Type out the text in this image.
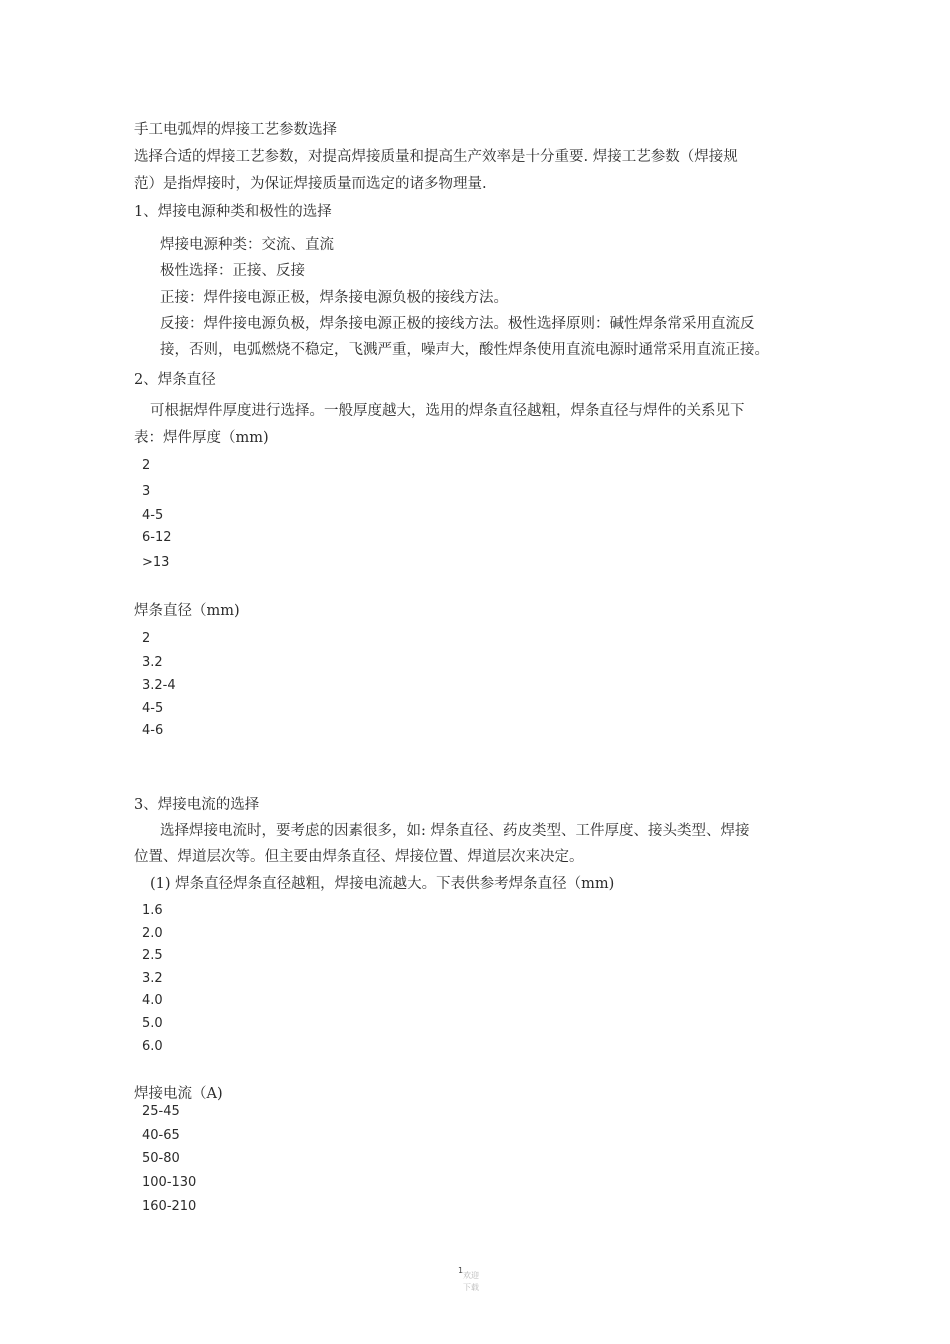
手工电弧焊的焊接工艺参数选择
选择合适的焊接工艺参数，对提高焊接质量和提高生产效率是十分重要. 焊接工艺参数（焊接规
范）是指焊接时，为保证焊接质量而选定的诸多物理量.
1、焊接电源种类和极性的选择
焊接电源种类：交流、直流
极性选择：正接、反接
正接：焊件接电源正极，焊条接电源负极的接线方法。
反接：焊件接电源负极，焊条接电源正极的接线方法。极性选择原则：碱性焊条常采用直流反
接，否则，电弧燃烧不稳定，飞溅严重，噪声大，酸性焊条使用直流电源时通常采用直流正接。
2、焊条直径
可根据焊件厚度进行选择。一般厚度越大，选用的焊条直径越粗，焊条直径与焊件的关系见下
表：焊件厚度（mm)
2
3
4-5
6-12
>13
焊条直径（mm)
2
3.2
3.2-4
4-5
4-6
3、焊接电流的选择
选择焊接电流时，要考虑的因素很多，如: 焊条直径、药皮类型、工件厚度、接头类型、焊接
位置、焊道层次等。但主要由焊条直径、焊接位置、焊道层次来决定。
(1) 焊条直径焊条直径越粗，焊接电流越大。下表供参考焊条直径（mm)
1.6
2.0
2.5
3.2
4.0
5.0
6.0
焊接电流（A)
25-45
40-65
50-80
100-130
160-210
1
欢迎下载
